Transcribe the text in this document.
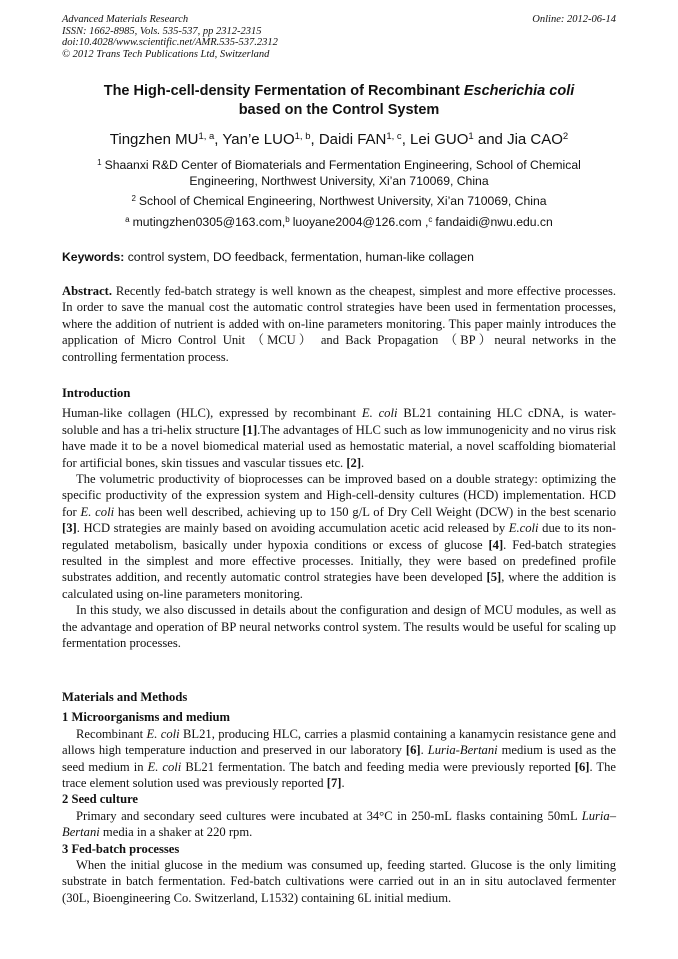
Advanced Materials Research
ISSN: 1662-8985, Vols. 535-537, pp 2312-2315
doi:10.4028/www.scientific.net/AMR.535-537.2312
© 2012 Trans Tech Publications Ltd, Switzerland
Online: 2012-06-14
The High-cell-density Fermentation of Recombinant Escherichia coli
based on the Control System
Tingzhen MU$^{1, a}$, Yan’e LUO$^{1, b}$, Daidi FAN$^{1, c}$, Lei GUO$^1$ and Jia CAO$^2$
$^1$ Shaanxi R&D Center of Biomaterials and Fermentation Engineering, School of Chemical Engineering, Northwest University, Xi’an 710069, China
$^2$ School of Chemical Engineering, Northwest University, Xi’an 710069, China
$^a$ mutingzhen0305@163.com,$^b$ luoyane2004@126.com ,$^c$ fandaidi@nwu.edu.cn
Keywords: control system, DO feedback, fermentation, human-like collagen

Abstract. Recently fed-batch strategy is well known as the cheapest, simplest and more effective processes. In order to save the manual cost the automatic control strategies have been used in fermentation processes, where the addition of nutrient is added with on-line parameters monitoring. This paper mainly introduces the application of Micro Control Unit （MCU） and Back Propagation （BP）neural networks in the controlling fermentation process.

Introduction

Human-like collagen (HLC), expressed by recombinant E. coli BL21 containing HLC cDNA, is water-soluble and has a tri-helix structure [1].The advantages of HLC such as low immunogenicity and no virus risk have made it to be a novel biomedical material used as hemostatic material, a novel scaffolding biomaterial for artificial bones, skin tissues and vascular tissues etc. [2].

The volumetric productivity of bioprocesses can be improved based on a double strategy: optimizing the specific productivity of the expression system and High-cell-density cultures (HCD) implementation. HCD for E. coli has been well described, achieving up to 150 g/L of Dry Cell Weight (DCW) in the best scenario [3]. HCD strategies are mainly based on avoiding accumulation acetic acid released by E.coli due to its non-regulated metabolism, basically under hypoxia conditions or excess of glucose [4]. Fed-batch strategies resulted in the simplest and more effective processes. Initially, they were based on predefined profile substrates addition, and recently automatic control strategies have been developed [5], where the addition is calculated using on-line parameters monitoring.

In this study, we also discussed in details about the configuration and design of MCU modules, as well as the advantage and operation of BP neural networks control system. The results would be useful for scaling up fermentation processes.

Materials and Methods

1 Microorganisms and medium

Recombinant E. coli BL21, producing HLC, carries a plasmid containing a kanamycin resistance gene and allows high temperature induction and preserved in our laboratory [6]. Luria-Bertani medium is used as the seed medium in E. coli BL21 fermentation. The batch and feeding media were previously reported [6]. The trace element solution used was previously reported [7].

2 Seed culture

Primary and secondary seed cultures were incubated at 34°C in 250-mL flasks containing 50mL Luria–Bertani media in a shaker at 220 rpm.

3 Fed-batch processes

When the initial glucose in the medium was consumed up, feeding started. Glucose is the only limiting substrate in batch fermentation. Fed-batch cultivations were carried out in an in situ autoclaved fermenter (30L, Bioengineering Co. Switzerland, L1532) containing 6L initial medium.
